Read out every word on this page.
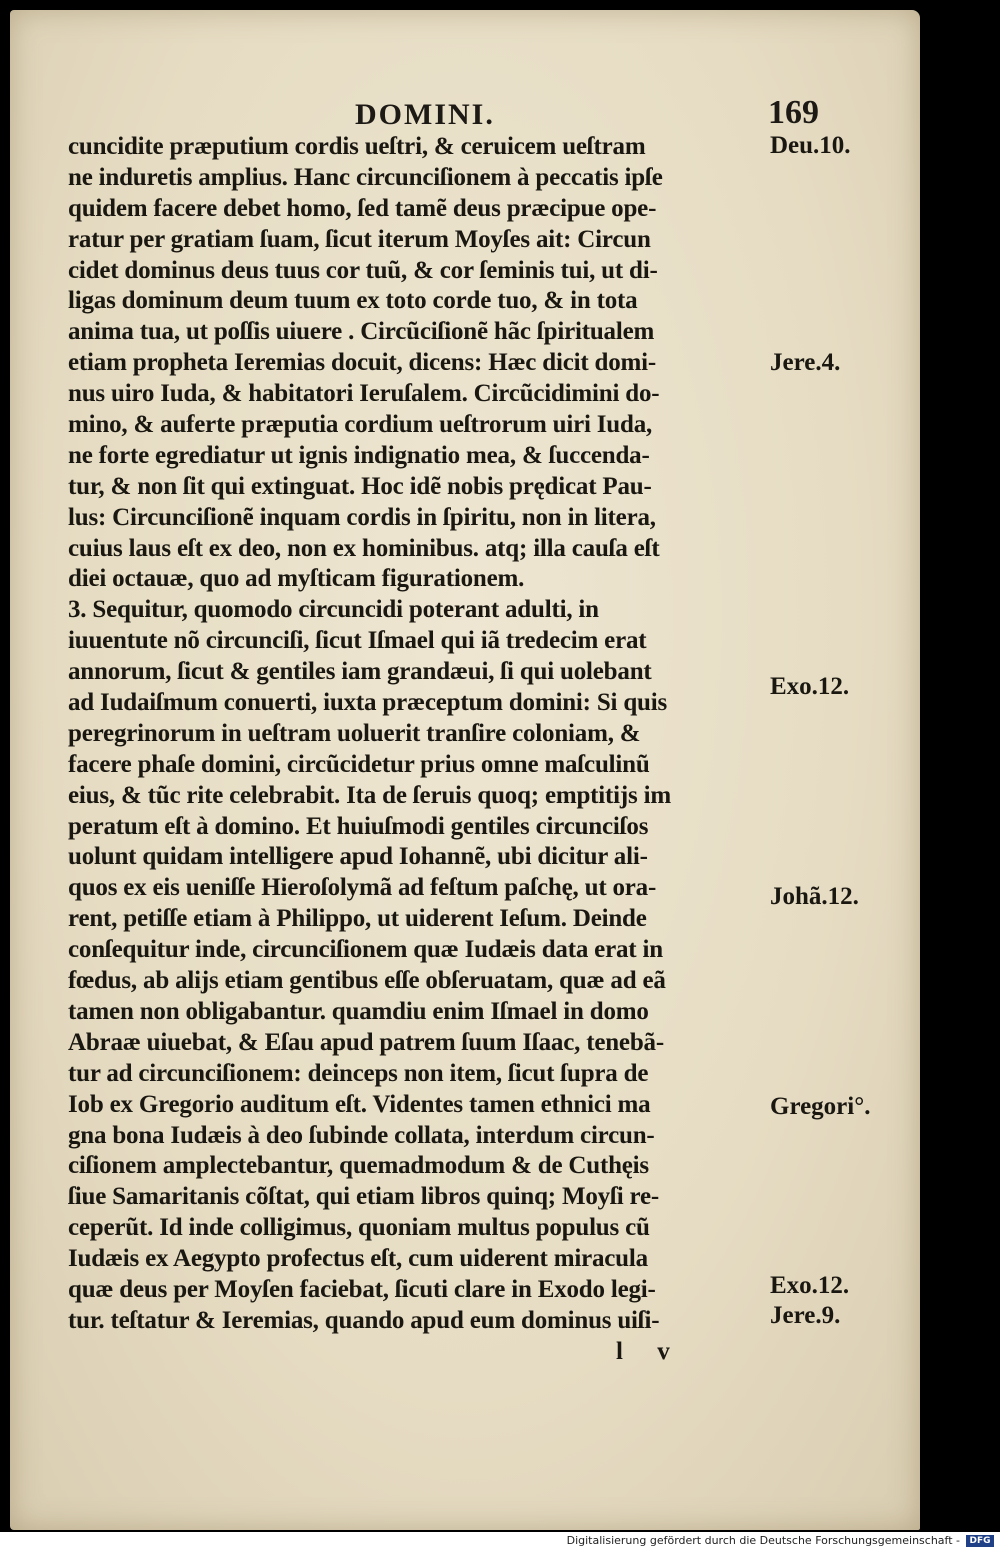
DOMINI.	169
cuncidite præputium cordis ueſtri, & ceruicem ueſtram
ne induretis amplius. Hanc circunciſionem à peccatis ipſe
quidem facere debet homo, ſed tamẽ deus præcipue ope-
ratur per gratiam ſuam, ſicut iterum Moyſes ait: Circun
cidet dominus deus tuus cor tuũ, & cor ſeminis tui, ut di-
ligas dominum deum tuum ex toto corde tuo, & in tota
anima tua, ut poſſis uiuere . Circũciſionẽ hãc ſpiritualem
etiam propheta Ieremias docuit, dicens: Hæc dicit domi-
nus uiro Iuda, & habitatori Ieruſalem. Circũcidimini do-
mino, & auferte præputia cordium ueſtrorum uiri Iuda,
ne forte egrediatur ut ignis indignatio mea, & ſuccenda-
tur, & non ſit qui extinguat. Hoc idẽ nobis prędicat Pau-
lus: Circunciſionẽ inquam cordis in ſpiritu, non in litera,
cuius laus eſt ex deo, non ex hominibus. atq; illa cauſa eſt
diei octauæ, quo ad myſticam figurationem.
3. Sequitur, quomodo circuncidi poterant adulti, in
iuuentute nõ circunciſi, ſicut Iſmael qui iã tredecim erat
annorum, ſicut & gentiles iam grandæui, ſi qui uolebant
ad Iudaiſmum conuerti, iuxta præceptum domini: Si quis
peregrinorum in ueſtram uoluerit tranſire coloniam, &
facere phaſe domini, circũcidetur prius omne maſculinũ
eius, & tũc rite celebrabit. Ita de ſeruis quoq; emptitijs im
peratum eſt à domino. Et huiuſmodi gentiles circunciſos
uolunt quidam intelligere apud Iohannẽ, ubi dicitur ali-
quos ex eis ueniſſe Hieroſolymã ad feſtum paſchę, ut ora-
rent, petiſſe etiam à Philippo, ut uiderent Ieſum. Deinde
conſequitur inde, circunciſionem quæ Iudæis data erat in
fœdus, ab alijs etiam gentibus eſſe obſeruatam, quæ ad eã
tamen non obligabantur. quamdiu enim Iſmael in domo
Abraæ uiuebat, & Eſau apud patrem ſuum Iſaac, tenebã-
tur ad circunciſionem: deinceps non item, ſicut ſupra de
Iob ex Gregorio auditum eſt. Videntes tamen ethnici ma
gna bona Iudæis à deo ſubinde collata, interdum circun-
ciſionem amplectebantur, quemadmodum & de Cuthęis
ſiue Samaritanis cõſtat, qui etiam libros quinq; Moyſi re-
ceperũt. Id inde colligimus, quoniam multus populus cũ
Iudæis ex Aegypto profectus eſt, cum uiderent miracula
quæ deus per Moyſen faciebat, ſicuti clare in Exodo legi-
tur. teſtatur & Ieremias, quando apud eum dominus uiſi-
Deu.10.
Jere.4.
Exo.12.
Johã.12.
Gregori°.
Exo.12.
Jere.9.
l v
Digitalisierung gefördert durch die Deutsche Forschungsgemeinschaft -	DFG
